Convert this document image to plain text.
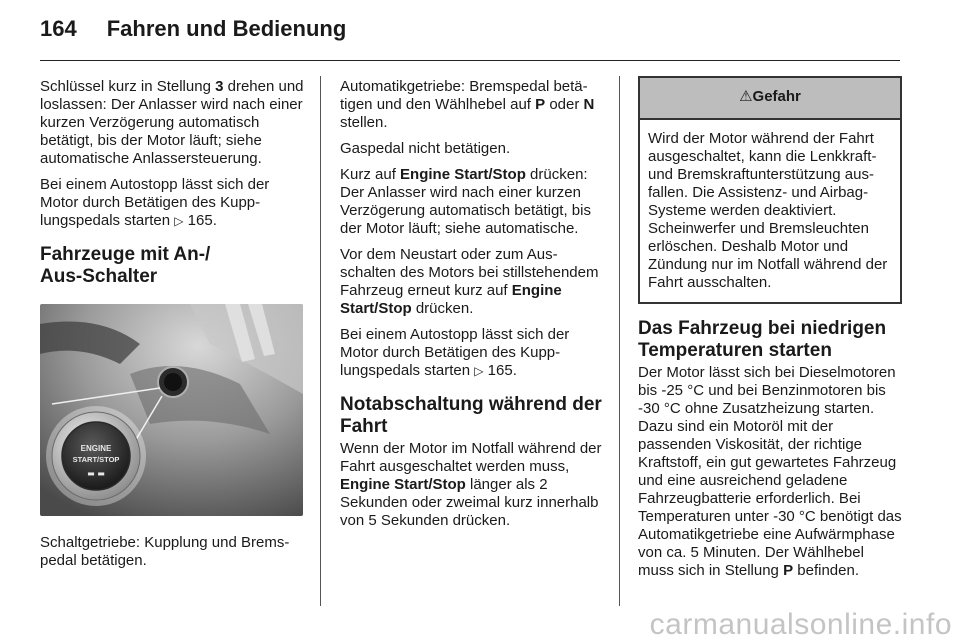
164 Fahren und Bedienung

Schlüssel kurz in Stellung 3 drehen und loslassen: Der Anlasser wird nach einer kurzen Verzögerung automatisch betätigt, bis der Motor läuft; siehe automatische Anlassersteuerung.

Bei einem Autostopp lässt sich der Motor durch Betätigen des Kupplungspedals starten ▷ 165.

Fahrzeuge mit An-/
Aus-Schalter
ENGINE
START/STOP
▬ ▬

Schaltgetriebe: Kupplung und Bremspedal betätigen.

Automatikgetriebe: Bremspedal betätigen und den Wählhebel auf P oder N stellen.

Gaspedal nicht betätigen.

Kurz auf Engine Start/Stop drücken: Der Anlasser wird nach einer kurzen Verzögerung automatisch betätigt, bis der Motor läuft; siehe automatische.

Vor dem Neustart oder zum Ausschalten des Motors bei stillstehendem Fahrzeug erneut kurz auf Engine Start/Stop drücken.

Bei einem Autostopp lässt sich der Motor durch Betätigen des Kupplungspedals starten ▷ 165.

Notabschaltung während der Fahrt

Wenn der Motor im Notfall während der Fahrt ausgeschaltet werden muss, Engine Start/Stop länger als 2 Sekunden oder zweimal kurz innerhalb von 5 Sekunden drücken.

⚠Gefahr
Wird der Motor während der Fahrt ausgeschaltet, kann die Lenkkraft- und Bremskraftunterstützung ausfallen. Die Assistenz- und Airbag-Systeme werden deaktiviert. Scheinwerfer und Bremsleuchten erlöschen. Deshalb Motor und Zündung nur im Notfall während der Fahrt ausschalten.
Das Fahrzeug bei niedrigen Temperaturen starten

Der Motor lässt sich bei Dieselmotoren bis -25 °C und bei Benzinmotoren bis -30 °C ohne Zusatzheizung starten. Dazu sind ein Motoröl mit der passenden Viskosität, der richtige Kraftstoff, ein gut gewartetes Fahrzeug und eine ausreichend geladene Fahrzeugbatterie erforderlich. Bei Temperaturen unter -30 °C benötigt das Automatikgetriebe eine Aufwärmphase von ca. 5 Minuten. Der Wählhebel muss sich in Stellung P befinden.

carmanualsonline.info
